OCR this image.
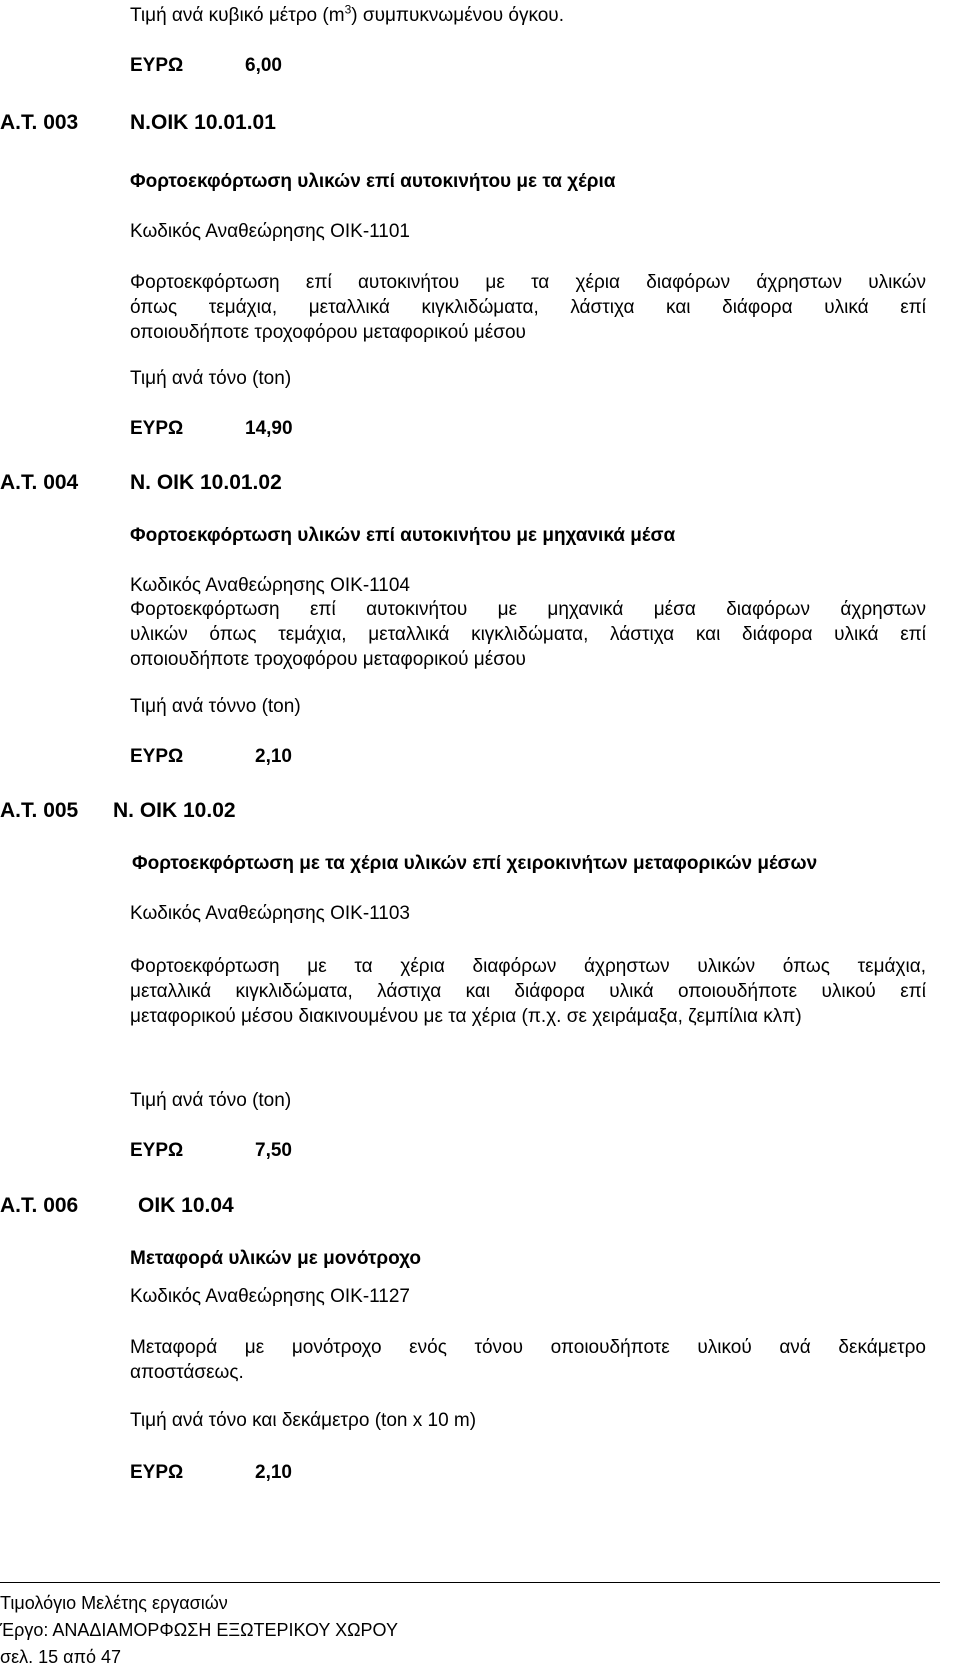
Τιμή ανά κυβικό μέτρο $(m^3)$ συμπυκνωμένου όγκου.
ΕΥΡΩ	6,00
Α.Τ. 003 Ν.ΟΙΚ 10.01.01
Φορτοεκφόρτωση υλικών επί αυτοκινήτου με τα χέρια
Κωδικός Αναθεώρησης ΟΙΚ-1101
Φορτοεκφόρτωση επί αυτοκινήτου με τα χέρια διαφόρων άχρηστων υλικών
όπως τεμάχια, μεταλλικά κιγκλιδώματα, λάστιχα και διάφορα υλικά επί
οποιουδήποτε τροχοφόρου μεταφορικού μέσου
Τιμή ανά τόνο (ton)
ΕΥΡΩ	14,90
Α.Τ. 004 Ν. ΟΙΚ 10.01.02
Φορτοεκφόρτωση υλικών επί αυτοκινήτου με μηχανικά μέσα
Κωδικός Αναθεώρησης ΟΙΚ-1104
Φορτοεκφόρτωση επί αυτοκινήτου με μηχανικά μέσα διαφόρων άχρηστων
υλικών όπως τεμάχια, μεταλλικά κιγκλιδώματα, λάστιχα και διάφορα υλικά επί
οποιουδήποτε τροχοφόρου μεταφορικού μέσου
Τιμή ανά τόννο (ton)
ΕΥΡΩ	2,10
Α.Τ. 005 Ν. ΟΙΚ 10.02
Φορτοεκφόρτωση με τα χέρια υλικών επί χειροκινήτων μεταφορικών μέσων
Κωδικός Αναθεώρησης ΟΙΚ-1103
Φορτοεκφόρτωση με τα χέρια διαφόρων άχρηστων υλικών όπως τεμάχια,
μεταλλικά κιγκλιδώματα, λάστιχα και διάφορα υλικά οποιουδήποτε υλικού επί
μεταφορικού μέσου διακινουμένου με τα χέρια (π.χ. σε χειράμαξα, ζεμπίλια κλπ)
Τιμή ανά τόνο (ton)
ΕΥΡΩ	7,50
Α.Τ. 006	ΟΙΚ 10.04
Μεταφορά υλικών με μονότροχο
Κωδικός Αναθεώρησης ΟΙΚ-1127
Μεταφορά με μονότροχο ενός τόνου οποιουδήποτε υλικού ανά δεκάμετρο
αποστάσεως.
Τιμή ανά τόνο και δεκάμετρο (ton x 10 m)
ΕΥΡΩ	2,10
Τιμολόγιο Μελέτης εργασιών
Έργο: ΑΝΑΔΙΑΜΟΡΦΩΣΗ ΕΞΩΤΕΡΙΚΟΥ ΧΩΡΟΥ
σελ. 15 από 47
